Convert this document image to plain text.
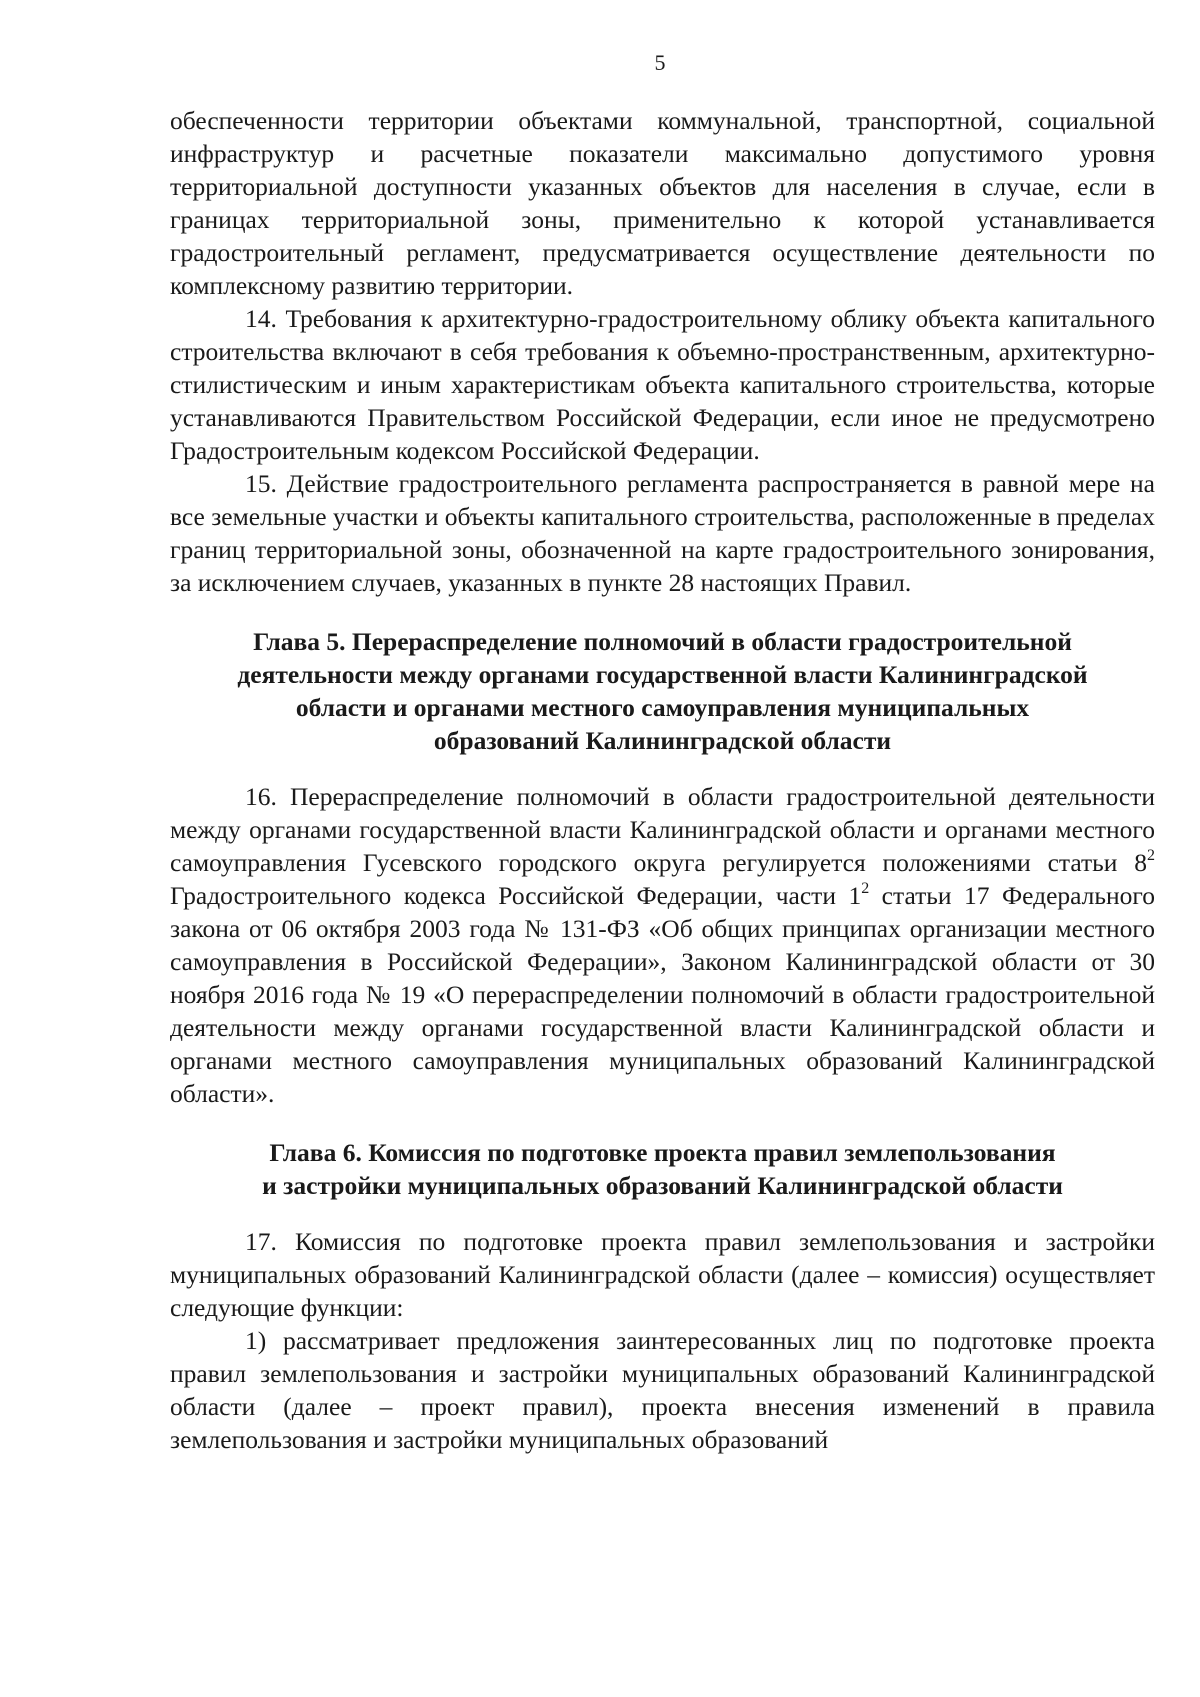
5

обеспеченности территории объектами коммунальной, транспортной, социальной инфраструктур и расчетные показатели максимально допустимого уровня территориальной доступности указанных объектов для населения в случае, если в границах территориальной зоны, применительно к которой устанавливается градостроительный регламент, предусматривается осуществление деятельности по комплексному развитию территории.

14. Требования к архитектурно-градостроительному облику объекта капитального строительства включают в себя требования к объемно-пространственным, архитектурно-стилистическим и иным характеристикам объекта капитального строительства, которые устанавливаются Правительством Российской Федерации, если иное не предусмотрено Градостроительным кодексом Российской Федерации.

15. Действие градостроительного регламента распространяется в равной мере на все земельные участки и объекты капитального строительства, расположенные в пределах границ территориальной зоны, обозначенной на карте градостроительного зонирования, за исключением случаев, указанных в пункте 28 настоящих Правил.

Глава 5. Перераспределение полномочий в области градостроительной
деятельности между органами государственной власти Калининградской
области и органами местного самоуправления муниципальных
образований Калининградской области

16. Перераспределение полномочий в области градостроительной деятельности между органами государственной власти Калининградской области и органами местного самоуправления Гусевского городского округа регулируется положениями статьи $8^2$ Градостроительного кодекса Российской Федерации, части $1^2$ статьи 17 Федерального закона от 06 октября 2003 года № 131-ФЗ «Об общих принципах организации местного самоуправления в Российской Федерации», Законом Калининградской области от 30 ноября 2016 года № 19 «О перераспределении полномочий в области градостроительной деятельности между органами государственной власти Калининградской области и органами местного самоуправления муниципальных образований Калининградской области».

Глава 6. Комиссия по подготовке проекта правил землепользования
и застройки муниципальных образований Калининградской области

17. Комиссия по подготовке проекта правил землепользования и застройки муниципальных образований Калининградской области (далее – комиссия) осуществляет следующие функции:

1) рассматривает предложения заинтересованных лиц по подготовке проекта правил землепользования и застройки муниципальных образований Калининградской области (далее – проект правил), проекта внесения изменений в правила землепользования и застройки муниципальных образований
